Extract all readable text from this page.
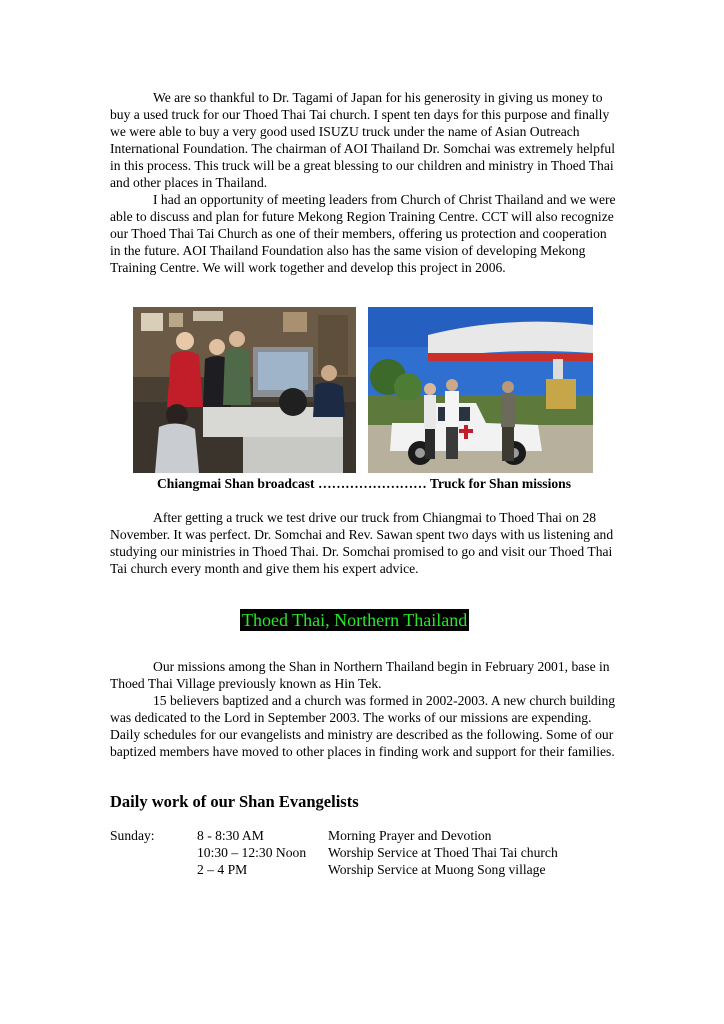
We are so thankful to Dr. Tagami of Japan for his generosity in giving us money to buy a used truck for our Thoed Thai Tai church. I spent ten days for this purpose and finally we were able to buy a very good used ISUZU truck under the name of Asian Outreach International Foundation. The chairman of AOI Thailand Dr. Somchai was extremely helpful in this process. This truck will be a great blessing to our children and ministry in Thoed Thai and other places in Thailand.

I had an opportunity of meeting leaders from Church of Christ Thailand and we were able to discuss and plan for future Mekong Region Training Centre. CCT will also recognize our Thoed Thai Tai Church as one of their members, offering us protection and cooperation in the future. AOI Thailand Foundation also has the same vision of developing Mekong Training Centre. We will work together and develop this project in 2006.

Chiangmai Shan broadcast …………………… Truck for Shan missions

After getting a truck we test drive our truck from Chiangmai to Thoed Thai on 28 November. It was perfect. Dr. Somchai and Rev. Sawan spent two days with us listening and studying our ministries in Thoed Thai. Dr. Somchai promised to go and visit our Thoed Thai Tai church every month and give them his expert advice.

Thoed Thai, Northern Thailand

Our missions among the Shan in Northern Thailand begin in February 2001, base in Thoed Thai Village previously known as Hin Tek.

15 believers baptized and a church was formed in 2002-2003. A new church building was dedicated to the Lord in September 2003. The works of our missions are expending. Daily schedules for our evangelists and ministry are described as the following. Some of our baptized members have moved to other places in finding work and support for their families.

Daily work of our Shan Evangelists
Sunday:	8 - 8:30 AM	Morning Prayer and Devotion
10:30 – 12:30 Noon Worship Service at Thoed Thai Tai church
2 – 4 PM	Worship Service at Muong Song village
